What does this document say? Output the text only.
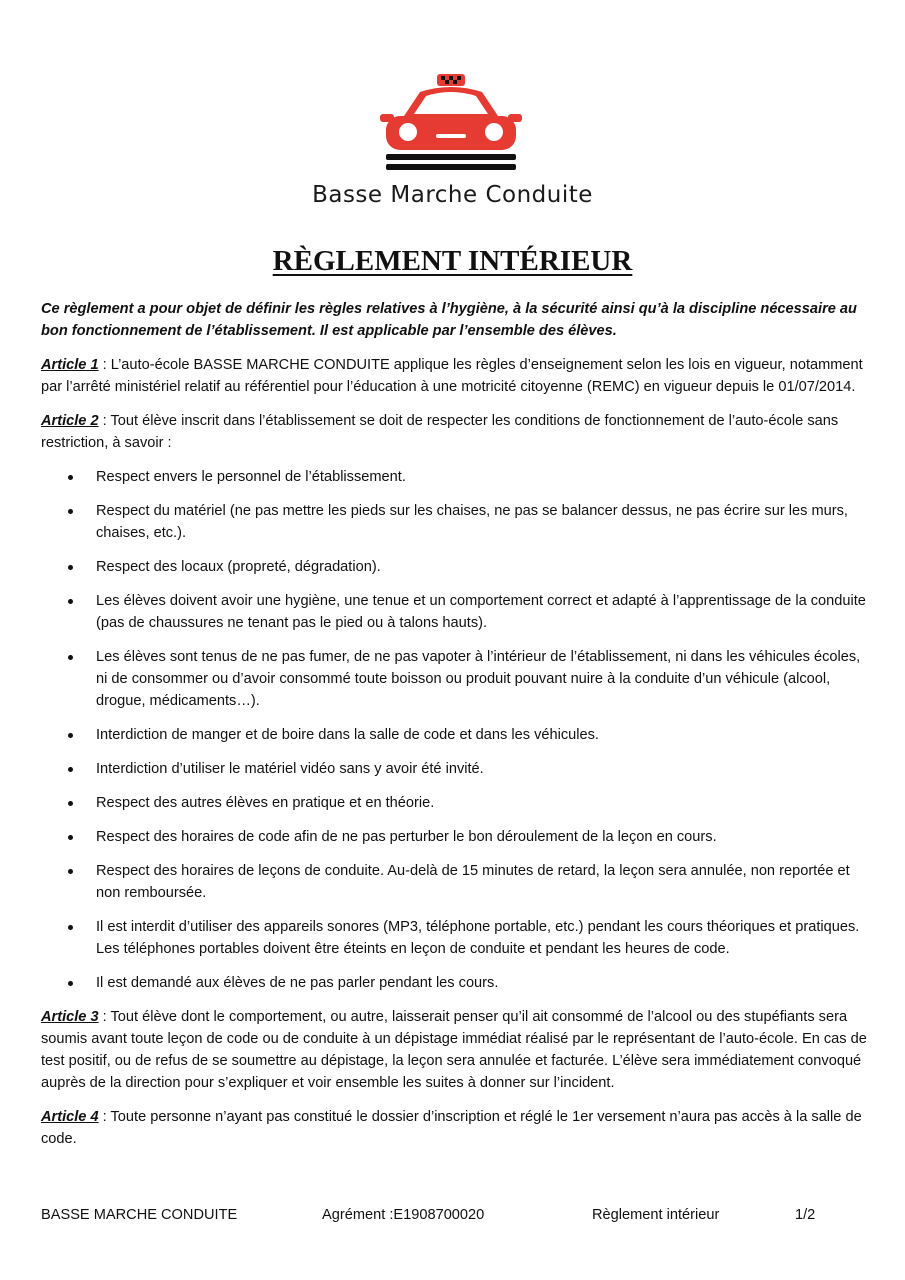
Basse Marche Conduite
RÈGLEMENT INTÉRIEUR

Ce règlement a pour objet de définir les règles relatives à l’hygiène, à la sécurité ainsi qu’à la discipline nécessaire au bon fonctionnement de l’établissement. Il est applicable par l’ensemble des élèves.

Article 1 : L’auto-école BASSE MARCHE CONDUITE applique les règles d’enseignement selon les lois en vigueur, notamment par l’arrêté ministériel relatif au référentiel pour l’éducation à une motricité citoyenne (REMC) en vigueur depuis le 01/07/2014.

Article 2 : Tout élève inscrit dans l’établissement se doit de respecter les conditions de fonctionnement de l’auto-école sans restriction, à savoir :

Respect envers le personnel de l’établissement.
Respect du matériel (ne pas mettre les pieds sur les chaises, ne pas se balancer dessus, ne pas écrire sur les murs, chaises, etc.).
Respect des locaux (propreté, dégradation).
Les élèves doivent avoir une hygiène, une tenue et un comportement correct et adapté à l’apprentissage de la conduite (pas de chaussures ne tenant pas le pied ou à talons hauts).
Les élèves sont tenus de ne pas fumer, de ne pas vapoter à l’intérieur de l’établissement, ni dans les véhicules écoles, ni de consommer ou d’avoir consommé toute boisson ou produit pouvant nuire à la conduite d’un véhicule (alcool, drogue, médicaments…).
Interdiction de manger et de boire dans la salle de code et dans les véhicules.
Interdiction d’utiliser le matériel vidéo sans y avoir été invité.
Respect des autres élèves en pratique et en théorie.
Respect des horaires de code afin de ne pas perturber le bon déroulement de la leçon en cours.
Respect des horaires de leçons de conduite. Au-delà de 15 minutes de retard, la leçon sera annulée, non reportée et non remboursée.
Il est interdit d’utiliser des appareils sonores (MP3, téléphone portable, etc.) pendant les cours théoriques et pratiques. Les téléphones portables doivent être éteints en leçon de conduite et pendant les heures de code.
Il est demandé aux élèves de ne pas parler pendant les cours.

Article 3 : Tout élève dont le comportement, ou autre, laisserait penser qu’il ait consommé de l’alcool ou des stupéfiants sera soumis avant toute leçon de code ou de conduite à un dépistage immédiat réalisé par le représentant de l’auto-école. En cas de test positif, ou de refus de se soumettre au dépistage, la leçon sera annulée et facturée. L’élève sera immédiatement convoqué auprès de la direction pour s’expliquer et voir ensemble les suites à donner sur l’incident.

Article 4 : Toute personne n’ayant pas constitué le dossier d’inscription et réglé le 1er versement n’aura pas accès à la salle de code.

BASSE MARCHE CONDUITE	Agrément :E1908700020	Règlement intérieur	1/2
